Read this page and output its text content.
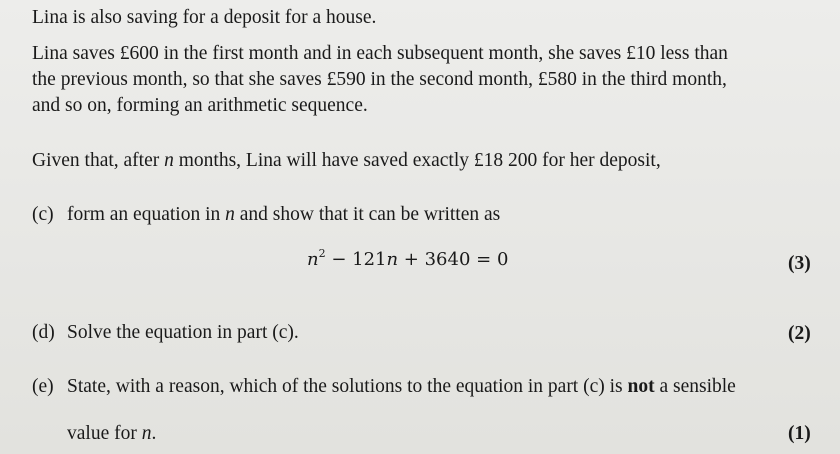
Lina is also saving for a deposit for a house.
Lina saves £600 in the first month and in each subsequent month, she saves £10 less than
the previous month, so that she saves £590 in the second month, £580 in the third month,
and so on, forming an arithmetic sequence.
Given that, after n months, Lina will have saved exactly £18 200 for her deposit,
(c) form an equation in n and show that it can be written as
$n^2 - 121n + 3640 = 0$	(3)
(d) Solve the equation in part (c).	(2)
(e) State, with a reason, which of the solutions to the equation in part (c) is not a sensible
value for n.	(1)
